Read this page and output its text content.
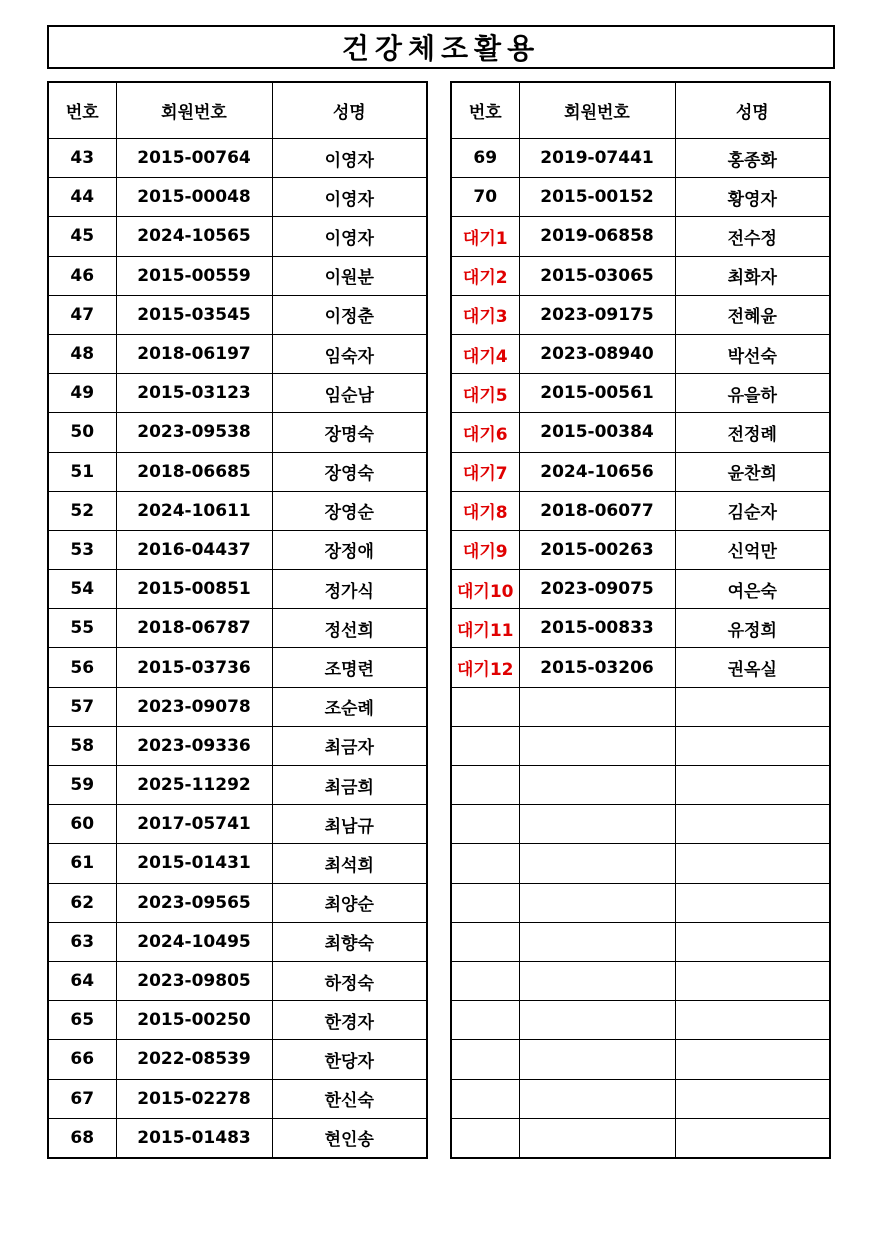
건강체조활용
번호	회원번호	성명
43	2015-00764	이영자
44	2015-00048	이영자
45	2024-10565	이영자
46	2015-00559	이원분
47	2015-03545	이정춘
48	2018-06197	임숙자
49	2015-03123	임순남
50	2023-09538	장명숙
51	2018-06685	장영숙
52	2024-10611	장영순
53	2016-04437	장정애
54	2015-00851	정가식
55	2018-06787	정선희
56	2015-03736	조명련
57	2023-09078	조순례
58	2023-09336	최금자
59	2025-11292	최금희
60	2017-05741	최남규
61	2015-01431	최석희
62	2023-09565	최양순
63	2024-10495	최향숙
64	2023-09805	하정숙
65	2015-00250	한경자
66	2022-08539	한당자
67	2015-02278	한신숙
68	2015-01483	현인송
번호	회원번호	성명
69	2019-07441	홍종화
70	2015-00152	황영자
대기1	2019-06858	전수정
대기2	2015-03065	최화자
대기3	2023-09175	전혜윤
대기4	2023-08940	박선숙
대기5	2015-00561	유을하
대기6	2015-00384	전정례
대기7	2024-10656	윤찬희
대기8	2018-06077	김순자
대기9	2015-00263	신억만
대기10	2023-09075	여은숙
대기11	2015-00833	유정희
대기12	2015-03206	권옥실
